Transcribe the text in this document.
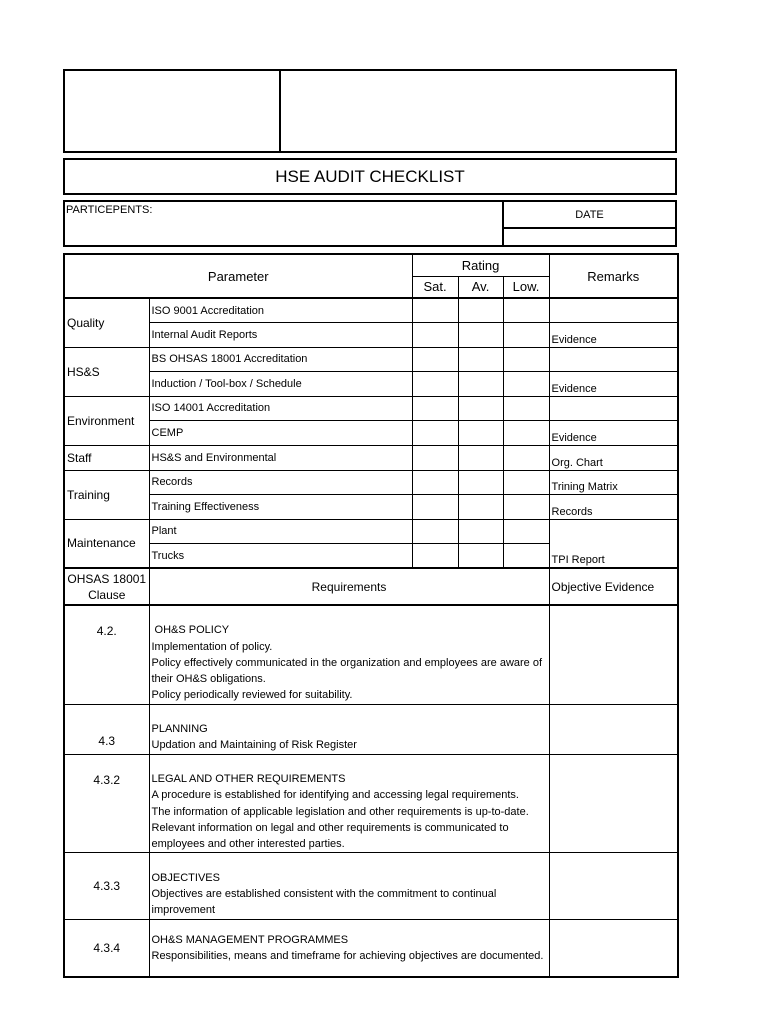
HSE AUDIT CHECKLIST
PARTICEPENTS:	DATE
Parameter		Rating			Remarks
		Sat.	Av.	Low.	
Quality	ISO 9001 Accreditation				
	Internal Audit Reports				Evidence
HS&S	BS OHSAS 18001 Accreditation				
	Induction / Tool-box / Schedule				Evidence
Environment	ISO 14001 Accreditation				
	CEMP				Evidence
Staff	HS&S and Environmental				Org. Chart
Training	Records				Trining Matrix
	Training Effectiveness				Records
Maintenance	Plant				TPI Report
	Trucks				
OHSAS 18001
Clause	Requirements	Objective Evidence
4.2.	OH&S POLICY
Implementation of policy.
Policy effectively communicated in the organization and employees are aware of
their OH&S obligations.
Policy periodically reviewed for suitability.	
4.3	PLANNING
Updation and Maintaining of Risk Register	
4.3.2	LEGAL AND OTHER REQUIREMENTS
A procedure is established for identifying and accessing legal requirements.
The information of applicable legislation and other requirements is up-to-date.
Relevant information on legal and other requirements is communicated to
employees and other interested parties.	
4.3.3	OBJECTIVES
Objectives are established consistent with the commitment to continual
improvement	
4.3.4	OH&S MANAGEMENT PROGRAMMES
Responsibilities, means and timeframe for achieving objectives are documented.	
